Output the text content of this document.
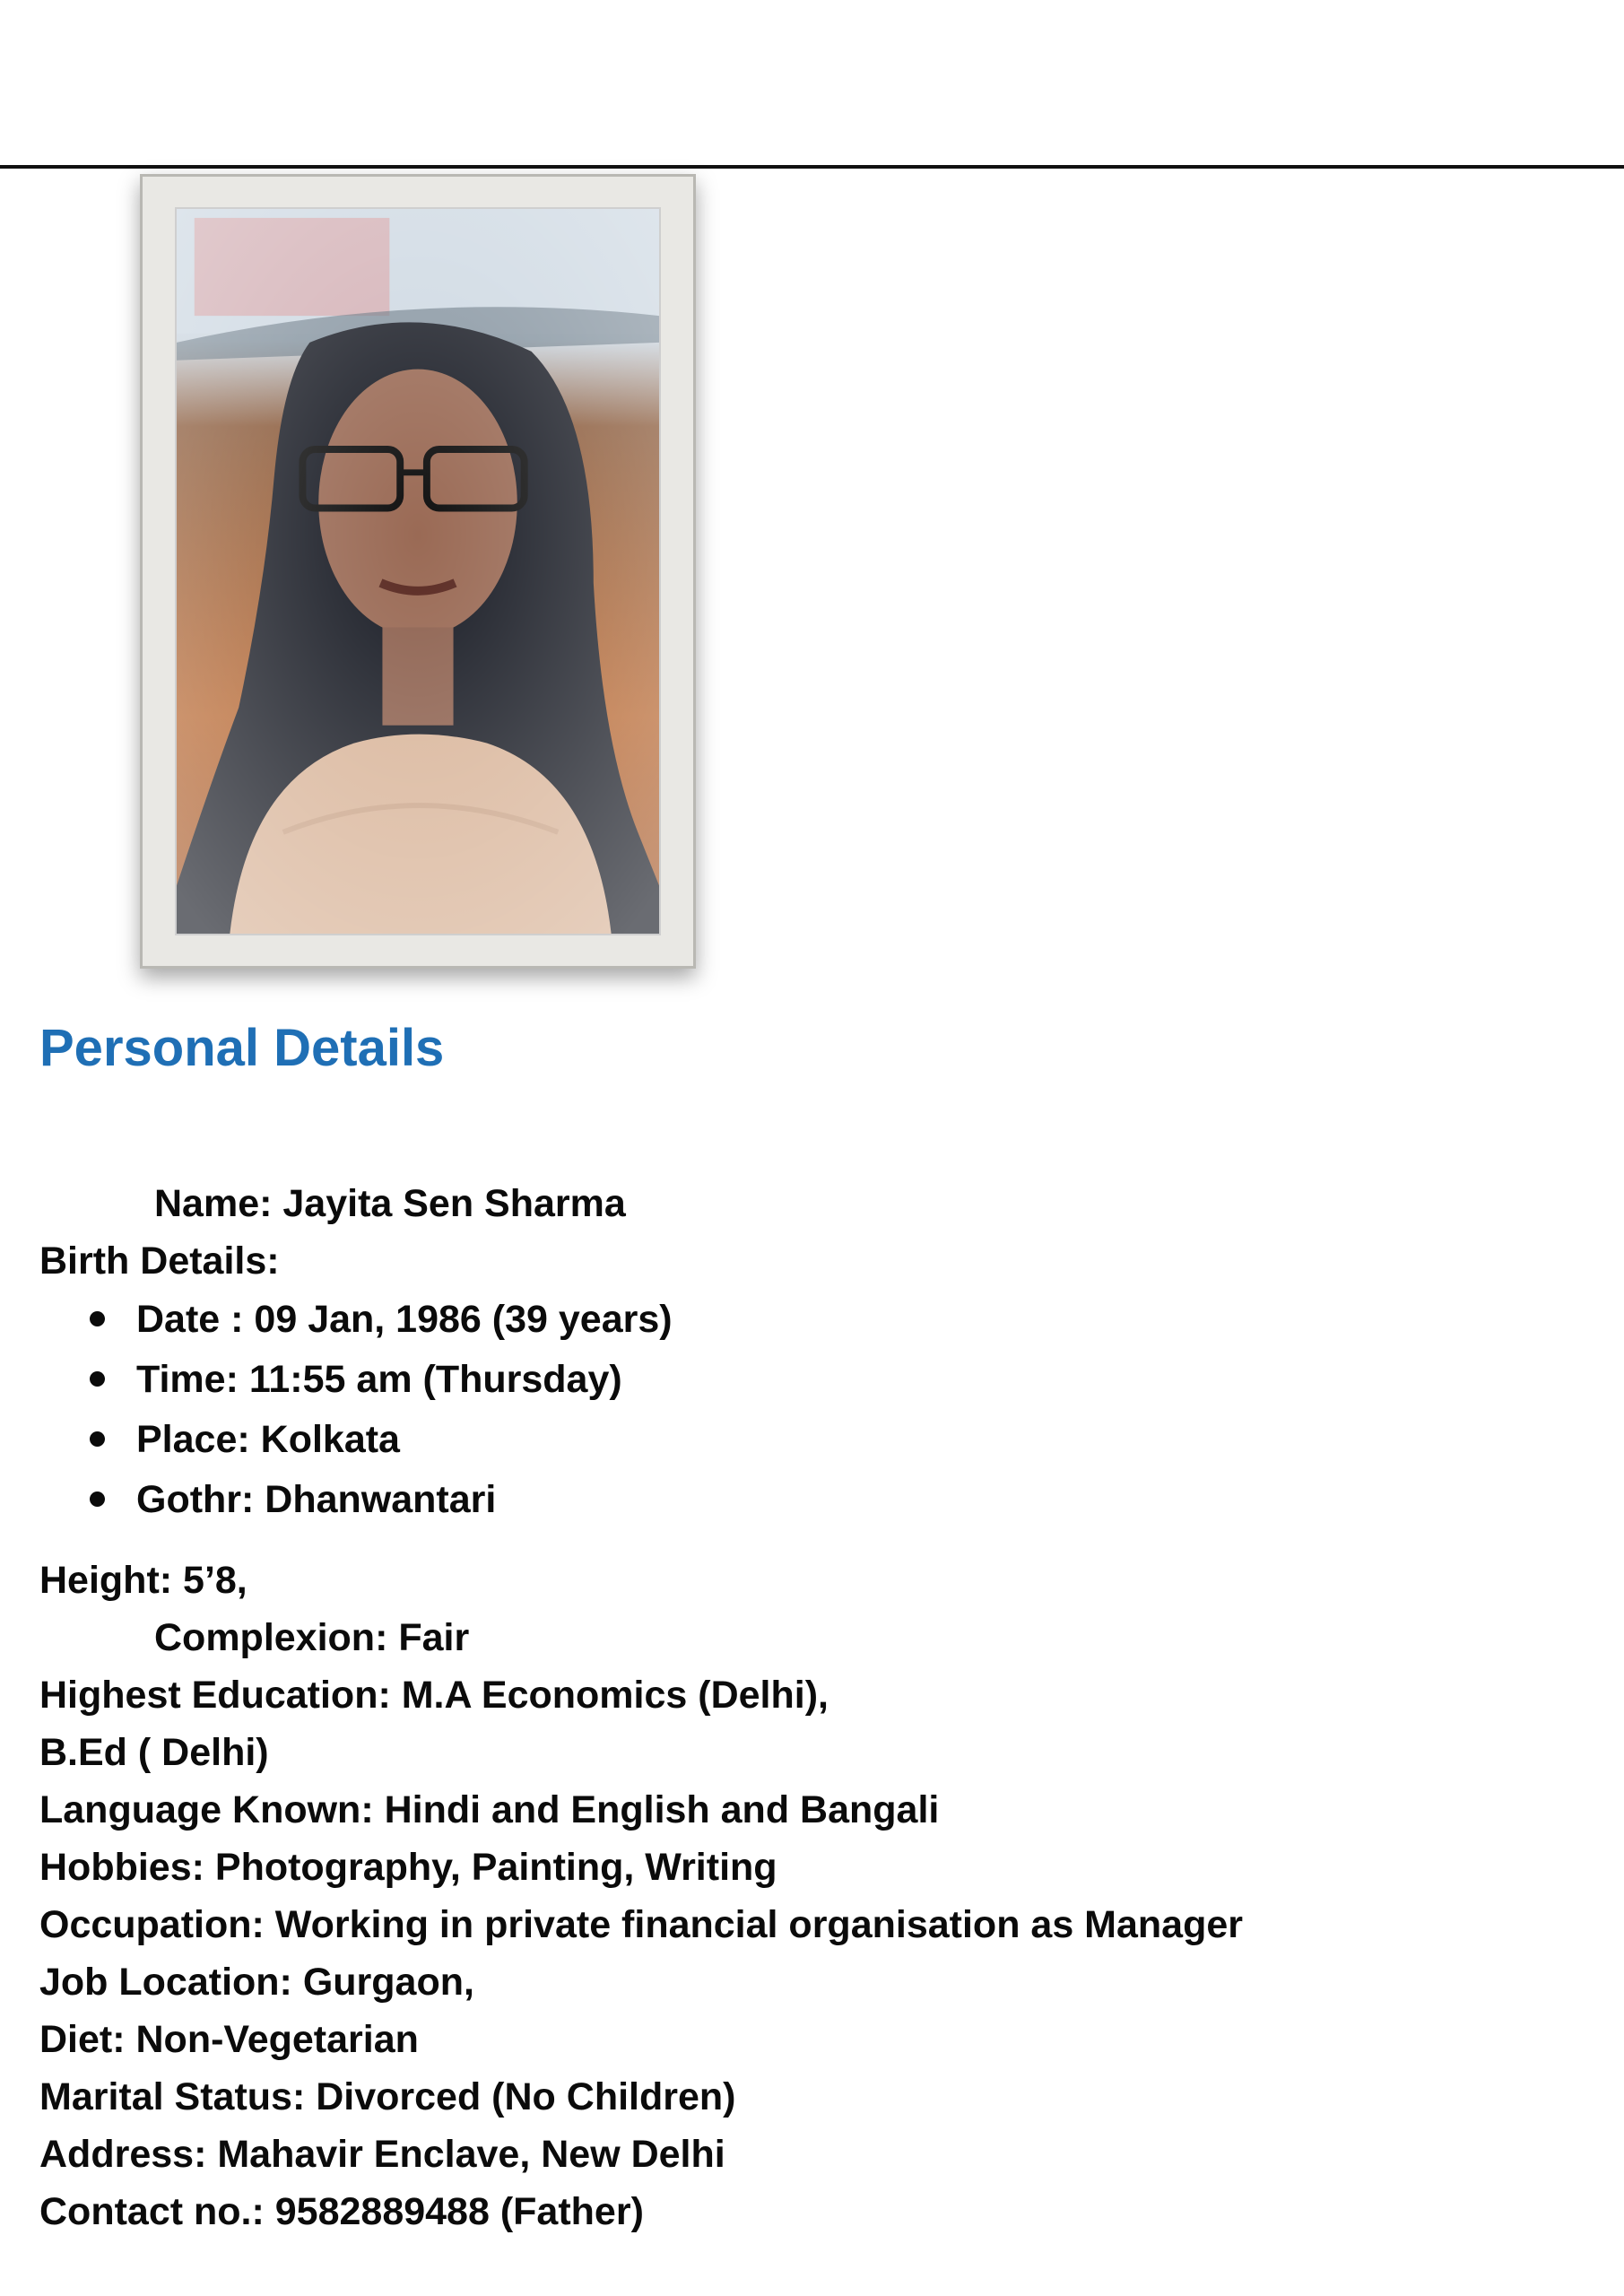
Personal Details
Name: Jayita Sen Sharma
Birth Details:
Date : 09 Jan, 1986 (39 years)
Time: 11:55 am (Thursday)
Place: Kolkata
Gothr: Dhanwantari
Height: 5’8,
Complexion: Fair
Highest Education: M.A Economics (Delhi),
B.Ed ( Delhi)
Language Known: Hindi and English and Bangali
Hobbies: Photography, Painting, Writing
Occupation: Working in private financial organisation as Manager
Job Location: Gurgaon,
Diet: Non-Vegetarian
Marital Status: Divorced (No Children)
Address: Mahavir Enclave, New Delhi
Contact no.: 9582889488 (Father)
